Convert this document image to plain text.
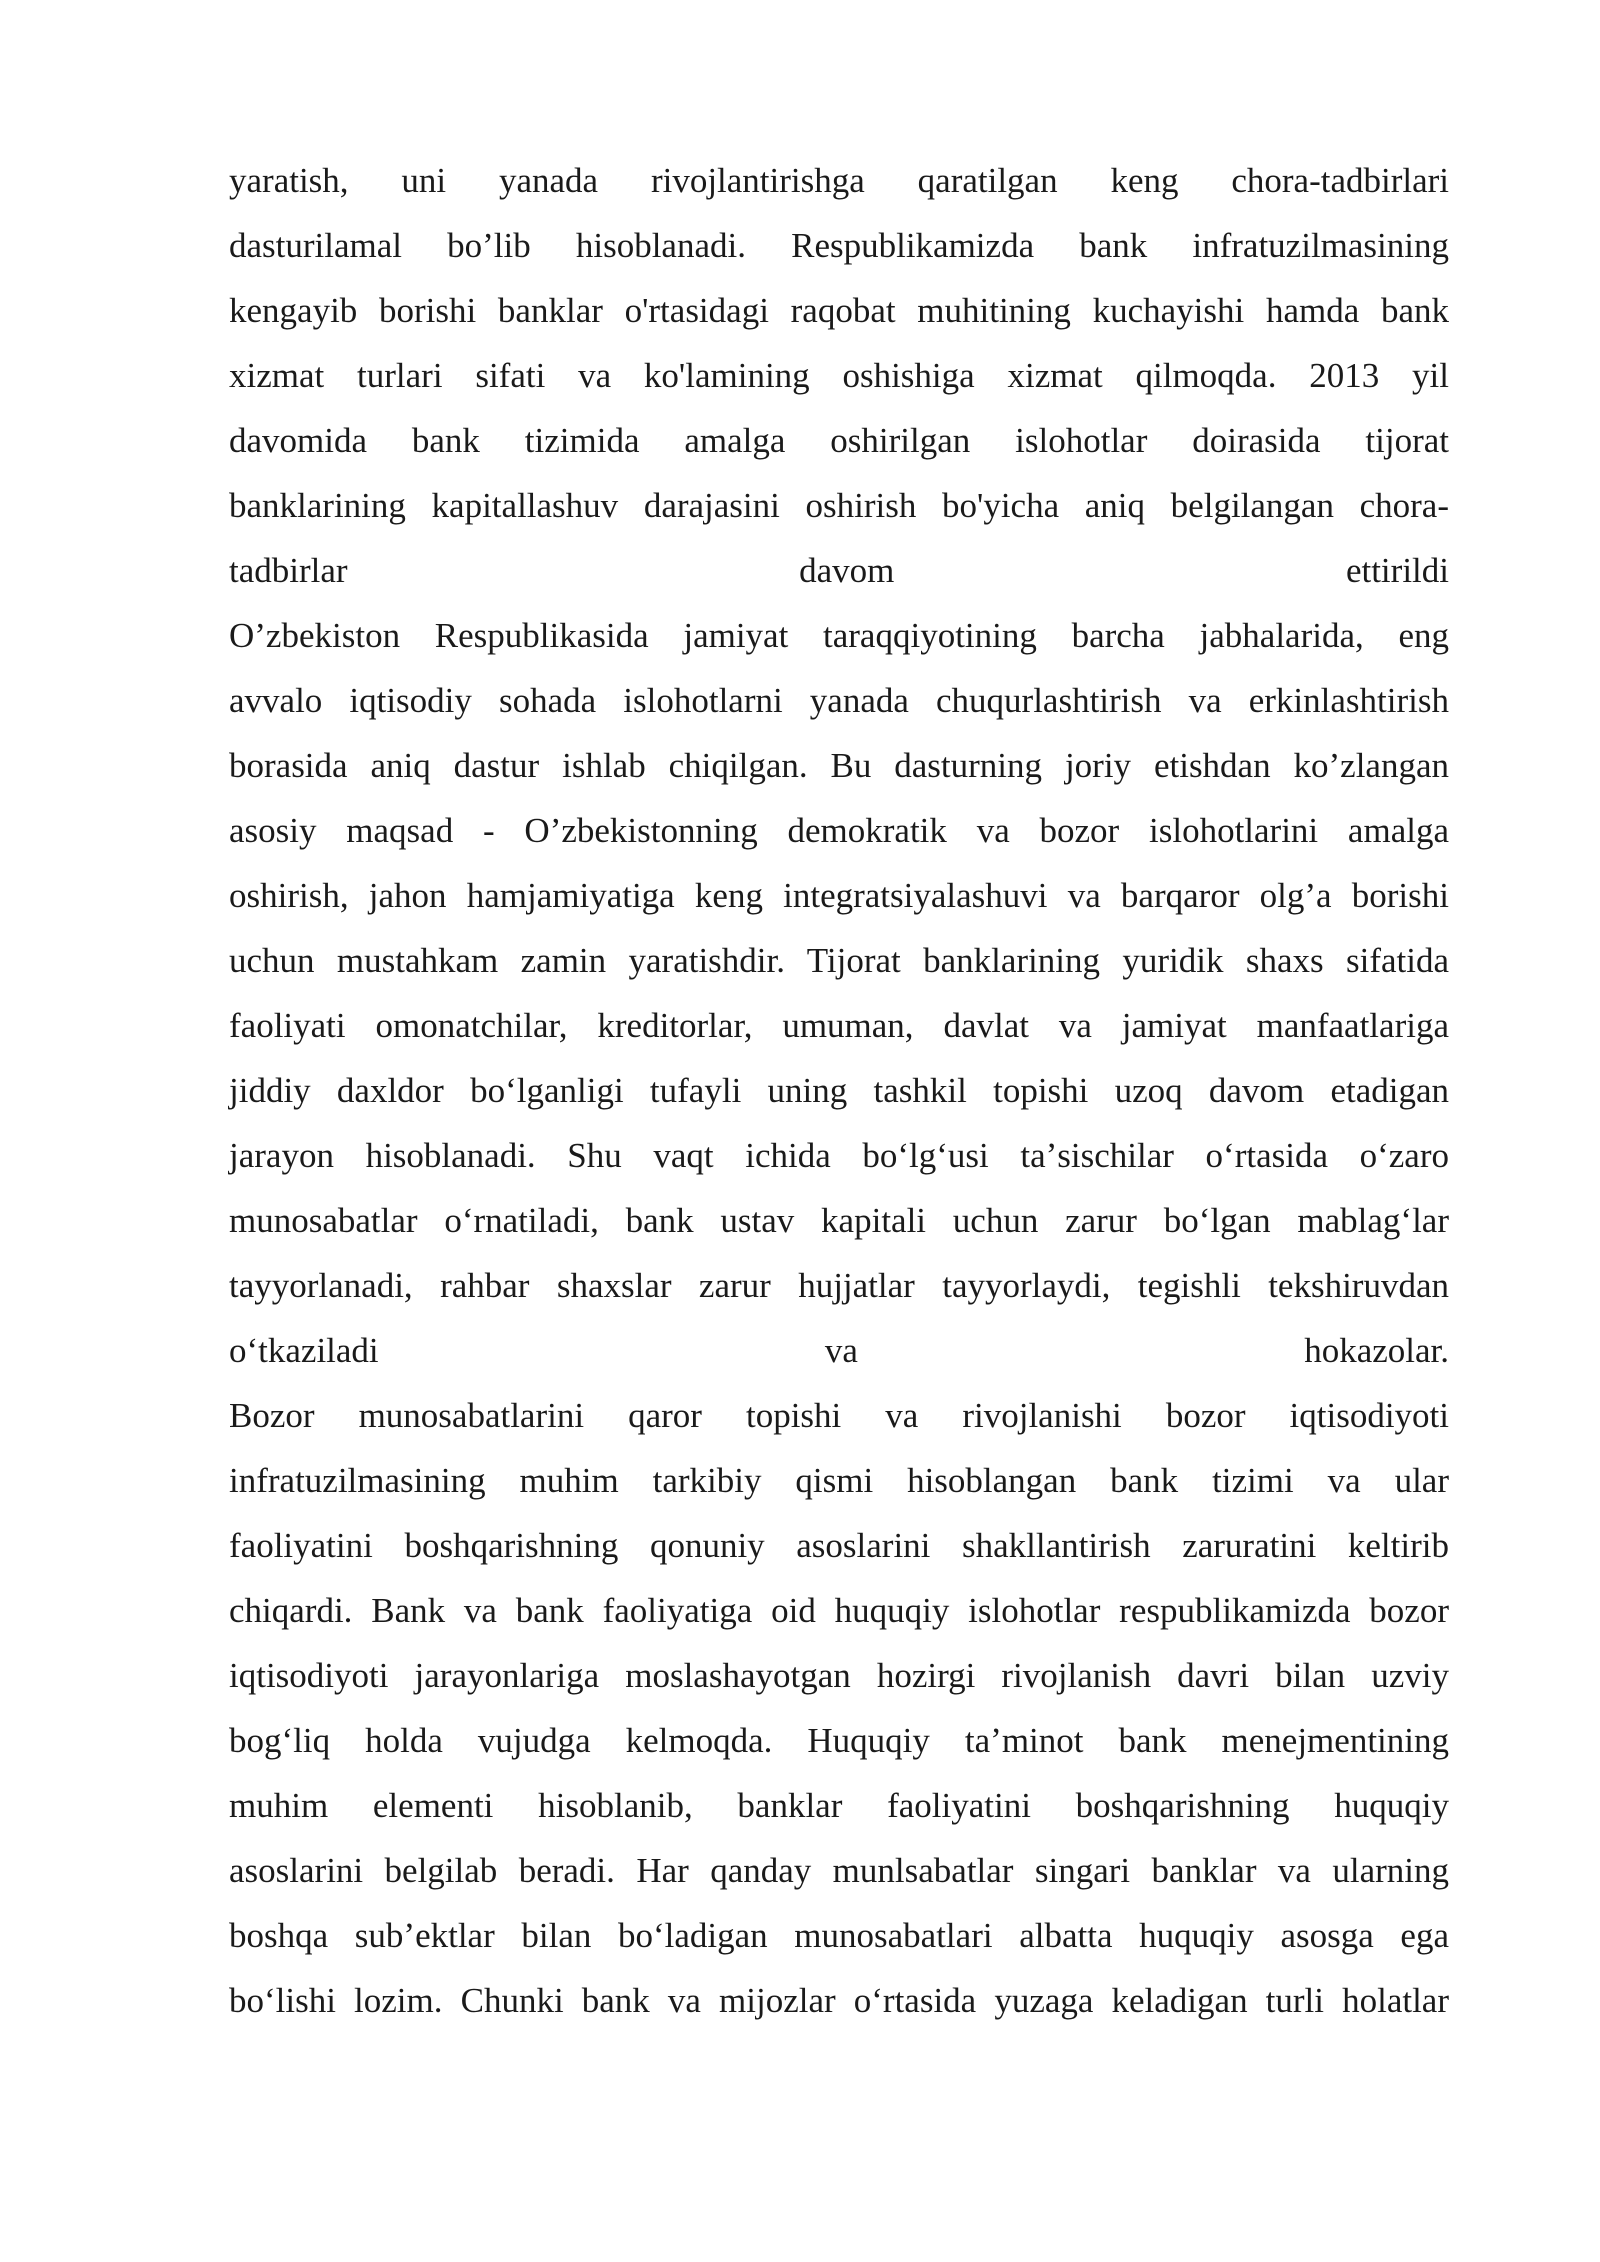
yaratish, uni yanada rivojlantirishga qaratilgan keng chora-tadbirlari
dasturilamal bo’lib hisoblanadi. Respublikamizda bank infratuzilmasining
kengayib borishi banklar o'rtasidagi raqobat muhitining kuchayishi hamda bank
xizmat turlari sifati va ko'lamining oshishiga xizmat qilmoqda. 2013 yil
davomida bank tizimida amalga oshirilgan islohotlar doirasida tijorat
banklarining kapitallashuv darajasini oshirish bo'yicha aniq belgilangan chora-
tadbirlar davom ettirildi
O’zbekiston Respublikasida jamiyat taraqqiyotining barcha jabhalarida, eng
avvalo iqtisodiy sohada islohotlarni yanada chuqurlashtirish va erkinlashtirish
borasida aniq dastur ishlab chiqilgan. Bu dasturning joriy etishdan ko’zlangan
asosiy maqsad - O’zbekistonning demokratik va bozor islohotlarini amalga
oshirish, jahon hamjamiyatiga keng integratsiyalashuvi va barqaror olg’a borishi
uchun mustahkam zamin yaratishdir. Tijorat banklarining yuridik shaxs sifatida
faoliyati omonatchilar, kreditorlar, umuman, davlat va jamiyat manfaatlariga
jiddiy daxldor boʻlganligi tufayli uning tashkil topishi uzoq davom etadigan
jarayon hisoblanadi. Shu vaqt ichida boʻlgʻusi taʼsischilar oʻrtasida oʻzaro
munosabatlar oʻrnatiladi, bank ustav kapitali uchun zarur boʻlgan mablagʻlar
tayyorlanadi, rahbar shaxslar zarur hujjatlar tayyorlaydi, tegishli tekshiruvdan
oʻtkaziladi va hokazolar.
Bozor munosabatlarini qaror topishi va rivojlanishi bozor iqtisodiyoti
infratuzilmasining muhim tarkibiy qismi hisoblangan bank tizimi va ular
faoliyatini boshqarishning qonuniy asoslarini shakllantirish zaruratini keltirib
chiqardi. Bank va bank faoliyatiga oid huquqiy islohotlar respublikamizda bozor
iqtisodiyoti jarayonlariga moslashayotgan hozirgi rivojlanish davri bilan uzviy
bogʻliq holda vujudga kelmoqda. Huquqiy taʼminot bank menejmentining
muhim elementi hisoblanib, banklar faoliyatini boshqarishning huquqiy
asoslarini belgilab beradi. Har qanday munlsabatlar singari banklar va ularning
boshqa subʼektlar bilan boʻladigan munosabatlari albatta huquqiy asosga ega
boʻlishi lozim. Chunki bank va mijozlar oʻrtasida yuzaga keladigan turli holatlar
